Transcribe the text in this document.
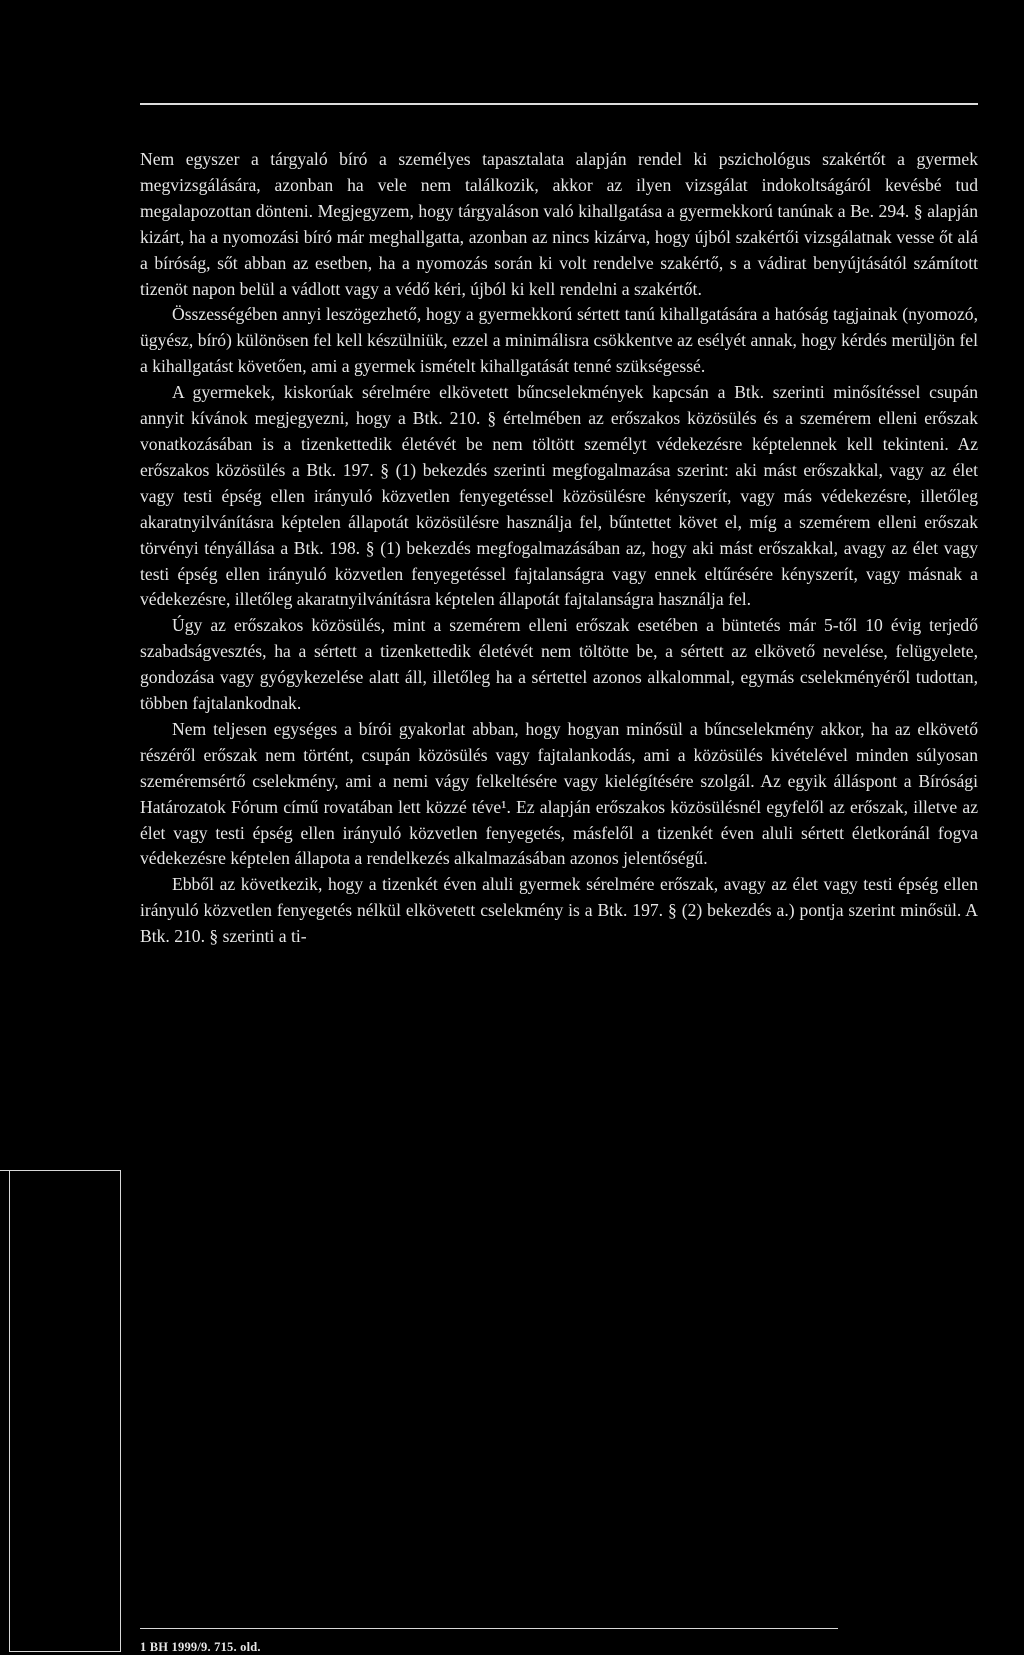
Nem egyszer a tárgyaló bíró a személyes tapasztalata alapján rendel ki pszichológus szakértőt a gyermek megvizsgálására, azonban ha vele nem találkozik, akkor az ilyen vizsgálat indokoltságáról kevésbé tud megalapozottan dönteni. Megjegyzem, hogy tárgyaláson való kihallgatása a gyermekkorú tanúnak a Be. 294. § alapján kizárt, ha a nyomozási bíró már meghallgatta, azonban az nincs kizárva, hogy újból szakértői vizsgálatnak vesse őt alá a bíróság, sőt abban az esetben, ha a nyomozás során ki volt rendelve szakértő, s a vádirat benyújtásától számított tizenöt napon belül a vádlott vagy a védő kéri, újból ki kell rendelni a szakértőt.

Összességében annyi leszögezhető, hogy a gyermekkorú sértett tanú kihallgatására a hatóság tagjainak (nyomozó, ügyész, bíró) különösen fel kell készülniük, ezzel a minimálisra csökkentve az esélyét annak, hogy kérdés merüljön fel a kihallgatást követően, ami a gyermek ismételt kihallgatását tenné szükségessé.

A gyermekek, kiskorúak sérelmére elkövetett bűncselekmények kapcsán a Btk. szerinti minősítéssel csupán annyit kívánok megjegyezni, hogy a Btk. 210. § értelmében az erőszakos közösülés és a szemérem elleni erőszak vonatkozásában is a tizenkettedik életévét be nem töltött személyt védekezésre képtelennek kell tekinteni. Az erőszakos közösülés a Btk. 197. § (1) bekezdés szerinti megfogalmazása szerint: aki mást erőszakkal, vagy az élet vagy testi épség ellen irányuló közvetlen fenyegetéssel közösülésre kényszerít, vagy más védekezésre, illetőleg akaratnyilvánításra képtelen állapotát közösülésre használja fel, bűntettet követ el, míg a szemérem elleni erőszak törvényi tényállása a Btk. 198. § (1) bekezdés megfogalmazásában az, hogy aki mást erőszakkal, avagy az élet vagy testi épség ellen irányuló közvetlen fenyegetéssel fajtalanságra vagy ennek eltűrésére kényszerít, vagy másnak a védekezésre, illetőleg akaratnyilvánításra képtelen állapotát fajtalanságra használja fel.

Úgy az erőszakos közösülés, mint a szemérem elleni erőszak esetében a büntetés már 5-től 10 évig terjedő szabadságvesztés, ha a sértett a tizenkettedik életévét nem töltötte be, a sértett az elkövető nevelése, felügyelete, gondozása vagy gyógykezelése alatt áll, illetőleg ha a sértettel azonos alkalommal, egymás cselekményéről tudottan, többen fajtalankodnak.

Nem teljesen egységes a bírói gyakorlat abban, hogy hogyan minősül a bűncselekmény akkor, ha az elkövető részéről erőszak nem történt, csupán közösülés vagy fajtalankodás, ami a közösülés kivételével minden súlyosan szeméremsértő cselekmény, ami a nemi vágy felkeltésére vagy kielégítésére szolgál. Az egyik álláspont a Bírósági Határozatok Fórum című rovatában lett közzé téve¹. Ez alapján erőszakos közösülésnél egyfelől az erőszak, illetve az élet vagy testi épség ellen irányuló közvetlen fenyegetés, másfelől a tizenkét éven aluli sértett életkoránál fogva védekezésre képtelen állapota a rendelkezés alkalmazásában azonos jelentőségű.

Ebből az következik, hogy a tizenkét éven aluli gyermek sérelmére erőszak, avagy az élet vagy testi épség ellen irányuló közvetlen fenyegetés nélkül elkövetett cselekmény is a Btk. 197. § (2) bekezdés a.) pontja szerint minősül. A Btk. 210. § szerinti a ti-

1 BH 1999/9. 715. old.
